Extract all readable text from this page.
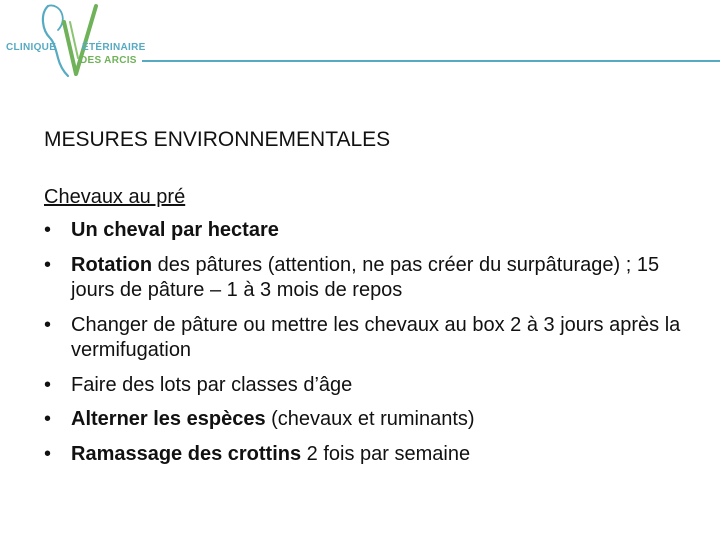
CLINIQUE	ÉTÉRINAIRE
DES ARCIS
MESURES ENVIRONNEMENTALES
Chevaux au pré
• Un cheval par hectare
• Rotation des pâtures (attention, ne pas créer du surpâturage) ; 15 jours de pâture – 1 à 3 mois de repos
• Changer de pâture ou mettre les chevaux au box 2 à 3 jours après la vermifugation
• Faire des lots par classes d’âge
• Alterner les espèces (chevaux et ruminants)
• Ramassage des crottins 2 fois par semaine
